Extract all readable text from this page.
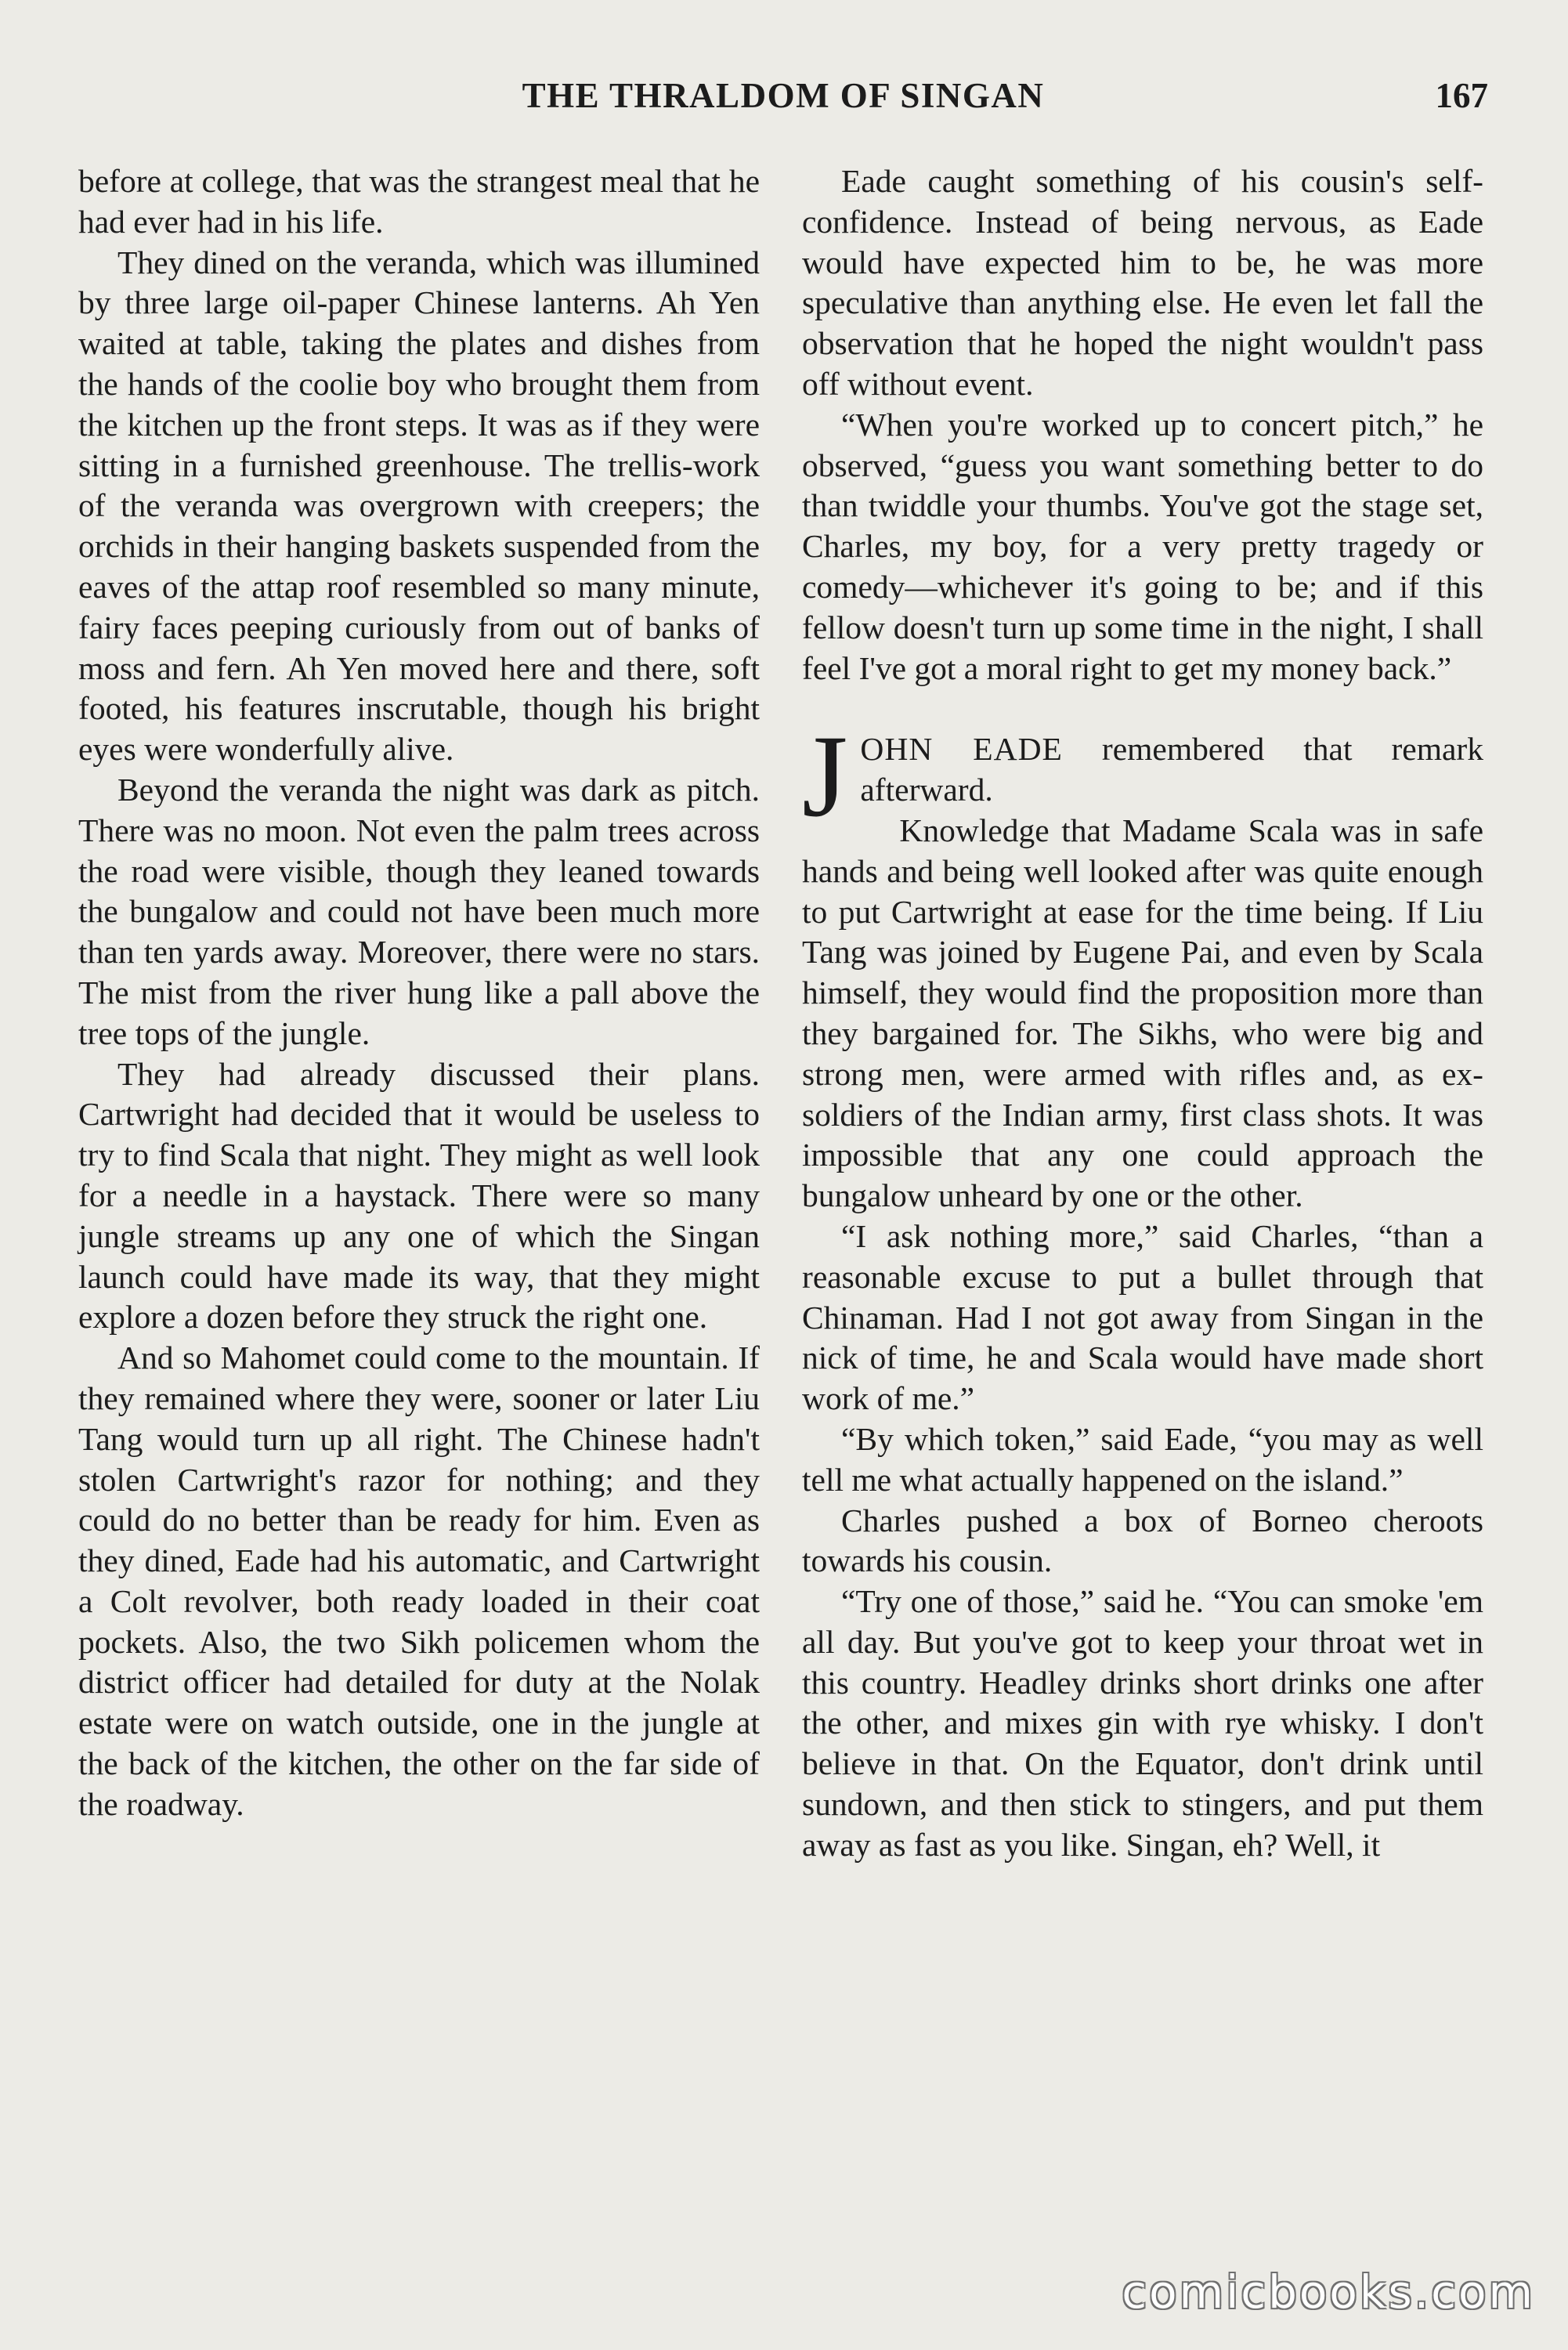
THE THRALDOM OF SINGAN	167

before at college, that was the strangest meal that he had ever had in his life.

They dined on the veranda, which was illumined by three large oil-paper Chinese lanterns. Ah Yen waited at table, taking the plates and dishes from the hands of the coolie boy who brought them from the kitchen up the front steps. It was as if they were sitting in a furnished greenhouse. The trellis-work of the veranda was overgrown with creepers; the orchids in their hanging baskets suspended from the eaves of the attap roof resembled so many minute, fairy faces peeping curiously from out of banks of moss and fern. Ah Yen moved here and there, soft footed, his features inscrutable, though his bright eyes were wonderfully alive.

Beyond the veranda the night was dark as pitch. There was no moon. Not even the palm trees across the road were visible, though they leaned towards the bungalow and could not have been much more than ten yards away. Moreover, there were no stars. The mist from the river hung like a pall above the tree tops of the jungle.

They had already discussed their plans. Cartwright had decided that it would be useless to try to find Scala that night. They might as well look for a needle in a haystack. There were so many jungle streams up any one of which the Singan launch could have made its way, that they might explore a dozen before they struck the right one.

And so Mahomet could come to the mountain. If they remained where they were, sooner or later Liu Tang would turn up all right. The Chinese hadn't stolen Cartwright's razor for nothing; and they could do no better than be ready for him. Even as they dined, Eade had his automatic, and Cartwright a Colt revolver, both ready loaded in their coat pockets. Also, the two Sikh policemen whom the district officer had detailed for duty at the Nolak estate were on watch outside, one in the jungle at the back of the kitchen, the other on the far side of the roadway.

Eade caught something of his cousin's self-confidence. Instead of being nervous, as Eade would have expected him to be, he was more speculative than anything else. He even let fall the observation that he hoped the night wouldn't pass off without event.

“When you're worked up to concert pitch,” he observed, “guess you want something better to do than twiddle your thumbs. You've got the stage set, Charles, my boy, for a very pretty tragedy or comedy—whichever it's going to be; and if this fellow doesn't turn up some time in the night, I shall feel I've got a moral right to get my money back.”

JOHN EADE remembered that remark afterward.

Knowledge that Madame Scala was in safe hands and being well looked after was quite enough to put Cartwright at ease for the time being. If Liu Tang was joined by Eugene Pai, and even by Scala himself, they would find the proposition more than they bargained for. The Sikhs, who were big and strong men, were armed with rifles and, as ex-soldiers of the Indian army, first class shots. It was impossible that any one could approach the bungalow unheard by one or the other.

“I ask nothing more,” said Charles, “than a reasonable excuse to put a bullet through that Chinaman. Had I not got away from Singan in the nick of time, he and Scala would have made short work of me.”

“By which token,” said Eade, “you may as well tell me what actually happened on the island.”

Charles pushed a box of Borneo cheroots towards his cousin.

“Try one of those,” said he. “You can smoke 'em all day. But you've got to keep your throat wet in this country. Headley drinks short drinks one after the other, and mixes gin with rye whisky. I don't believe in that. On the Equator, don't drink until sundown, and then stick to stingers, and put them away as fast as you like. Singan, eh? Well, it

comicbooks.com
